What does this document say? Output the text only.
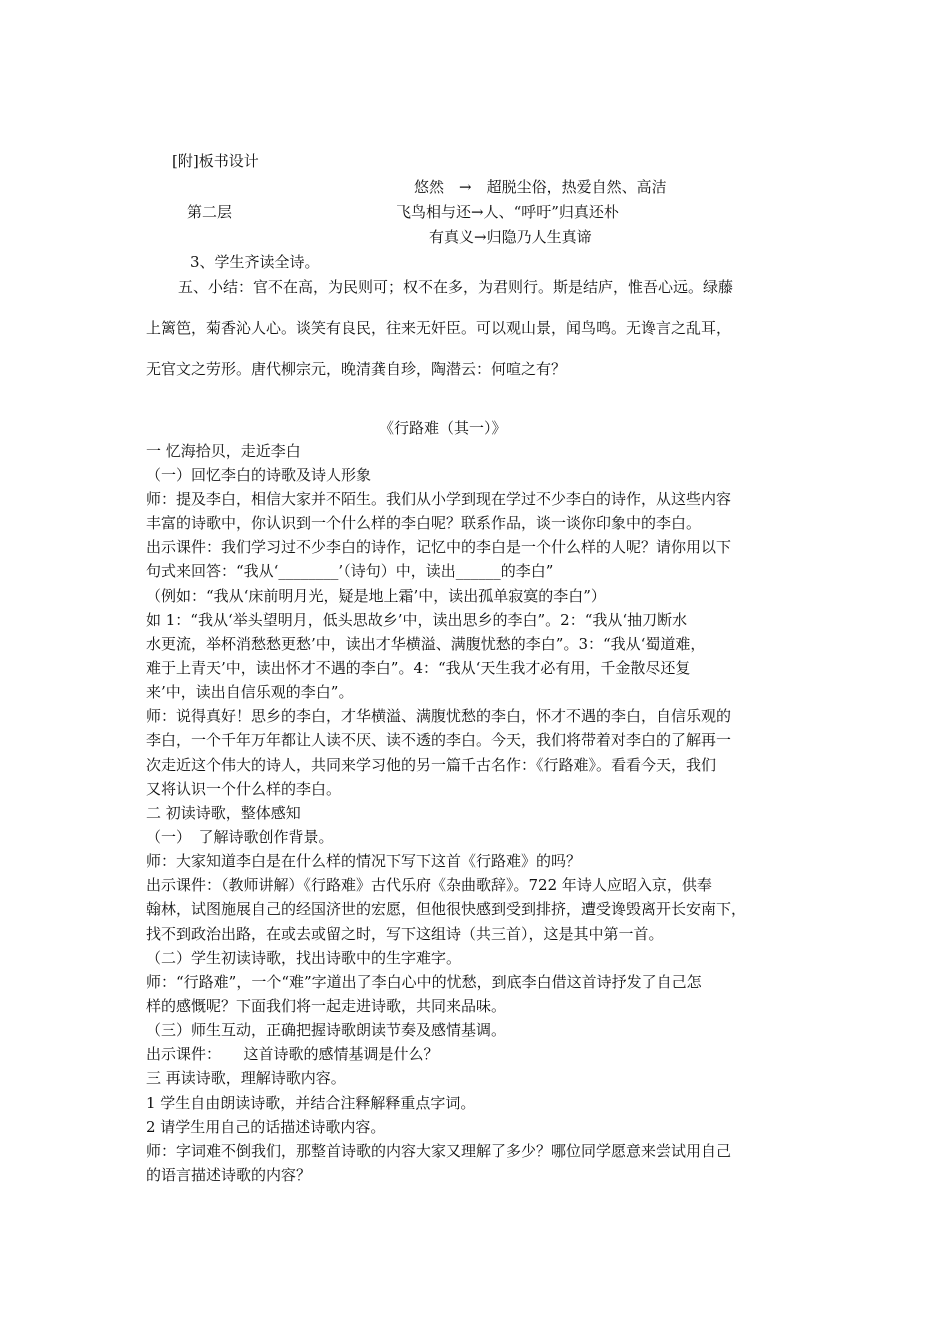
[附]板书设计
悠然　→　超脱尘俗，热爱自然、高洁
第二层	飞鸟相与还→人、“呼吁”归真还朴
有真义→归隐乃人生真谛
3、学生齐读全诗。
五、小结：官不在高，为民则可；权不在多，为君则行。斯是结庐，惟吾心远。绿藤
上篱笆，菊香沁人心。谈笑有良民，往来无奸臣。可以观山景，闻鸟鸣。无谗言之乱耳，
无官文之劳形。唐代柳宗元，晚清龚自珍，陶潜云：何喧之有？
《行路难（其一）》
一 忆海拾贝，走近李白
（一）回忆李白的诗歌及诗人形象
师：提及李白，相信大家并不陌生。我们从小学到现在学过不少李白的诗作，从这些内容
丰富的诗歌中，你认识到一个什么样的李白呢？联系作品，谈一谈你印象中的李白。
出示课件：我们学习过不少李白的诗作，记忆中的李白是一个什么样的人呢？请你用以下
句式来回答：“我从‘________’（诗句）中，读出______的李白”
（例如：“我从‘床前明月光，疑是地上霜’中，读出孤单寂寞的李白”）
如 1：“我从‘举头望明月，低头思故乡’中，读出思乡的李白”。2：“我从‘抽刀断水
水更流，举杯消愁愁更愁’中，读出才华横溢、满腹忧愁的李白”。3：“我从‘蜀道难，
难于上青天’中，读出怀才不遇的李白”。4：“我从‘天生我才必有用，千金散尽还复
来’中，读出自信乐观的李白”。
师：说得真好！思乡的李白，才华横溢、满腹忧愁的李白，怀才不遇的李白，自信乐观的
李白，一个千年万年都让人读不厌、读不透的李白。今天，我们将带着对李白的了解再一
次走近这个伟大的诗人，共同来学习他的另一篇千古名作：《行路难》。看看今天，我们
又将认识一个什么样的李白。
二 初读诗歌，整体感知
（一）　了解诗歌创作背景。
师：大家知道李白是在什么样的情况下写下这首《行路难》的吗？
出示课件：（教师讲解）《行路难》古代乐府《杂曲歌辞》。722 年诗人应昭入京，供奉
翰林，试图施展自己的经国济世的宏愿，但他很快感到受到排挤，遭受谗毁离开长安南下，
找不到政治出路，在或去或留之时，写下这组诗（共三首），这是其中第一首。
（二）学生初读诗歌，找出诗歌中的生字难字。
师：“行路难”，一个“难”字道出了李白心中的忧愁，到底李白借这首诗抒发了自己怎
样的感慨呢？下面我们将一起走进诗歌，共同来品味。
（三）师生互动，正确把握诗歌朗读节奏及感情基调。
出示课件：　　这首诗歌的感情基调是什么？
三 再读诗歌，理解诗歌内容。
1 学生自由朗读诗歌，并结合注释解释重点字词。
2 请学生用自己的话描述诗歌内容。
师：字词难不倒我们，那整首诗歌的内容大家又理解了多少？哪位同学愿意来尝试用自己
的语言描述诗歌的内容？
